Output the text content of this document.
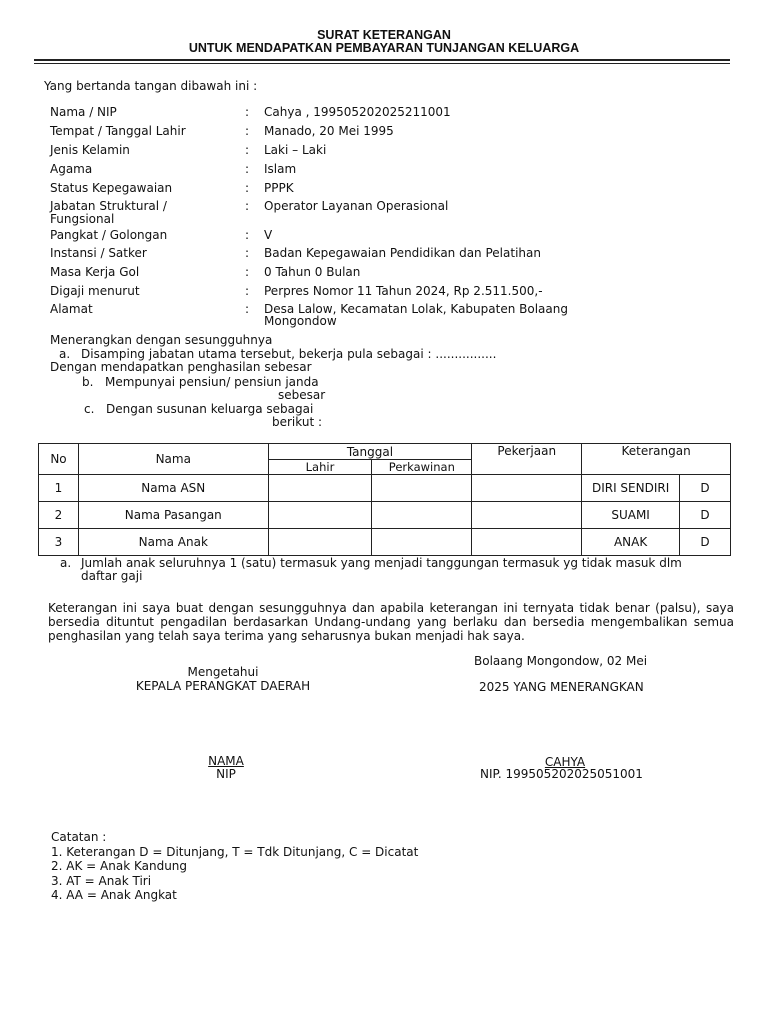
SURAT KETERANGAN
UNTUK MENDAPATKAN PEMBAYARAN TUNJANGAN KELUARGA
Yang bertanda tangan dibawah ini :
Nama / NIP	: Cahya , 199505202025211001
Tempat / Tanggal Lahir	: Manado, 20 Mei 1995
Jenis Kelamin	: Laki – Laki
Agama	: Islam
Status Kepegawaian	: PPPK
Jabatan Struktural /
Fungsional
: Operator Layanan Operasional
Pangkat / Golongan	: V
Instansi / Satker	: Badan Kepegawaian Pendidikan dan Pelatihan
Masa Kerja Gol	: 0 Tahun 0 Bulan
Digaji menurut	: Perpres Nomor 11 Tahun 2024, Rp 2.511.500,-
Alamat	: Desa Lalow, Kecamatan Lolak, Kabupaten Bolaang
Mongondow
Menerangkan dengan sesungguhnya
a. Disamping jabatan utama tersebut, bekerja pula sebagai : ................
Dengan mendapatkan penghasilan sebesar
b. Mempunyai pensiun/ pensiun janda
sebesar
c. Dengan susunan keluarga sebagai
berikut :
No	Nama	Tanggal		Pekerjaan	Keterangan	
		Lahir	Perkawinan			
1	Nama ASN				DIRI SENDIRI	D
2	Nama Pasangan				SUAMI	D
3	Nama Anak				ANAK	D
a. Jumlah anak seluruhnya 1 (satu) termasuk yang menjadi tanggungan termasuk yg tidak masuk dlm
daftar gaji
Keterangan ini saya buat dengan sesungguhnya dan apabila keterangan ini ternyata tidak benar (palsu), saya bersedia dituntut pengadilan berdasarkan Undang-undang yang berlaku dan bersedia mengembalikan semua penghasilan yang telah saya terima yang seharusnya bukan menjadi hak saya.
Bolaang Mongondow, 02 Mei
Mengetahui
KEPALA PERANGKAT DAERAH	2025 YANG MENERANGKAN
NAMA
NIP
CAHYA
NIP. 199505202025051001
Catatan :
1. Keterangan D = Ditunjang, T = Tdk Ditunjang, C = Dicatat
2. AK = Anak Kandung
3. AT = Anak Tiri
4. AA = Anak Angkat
